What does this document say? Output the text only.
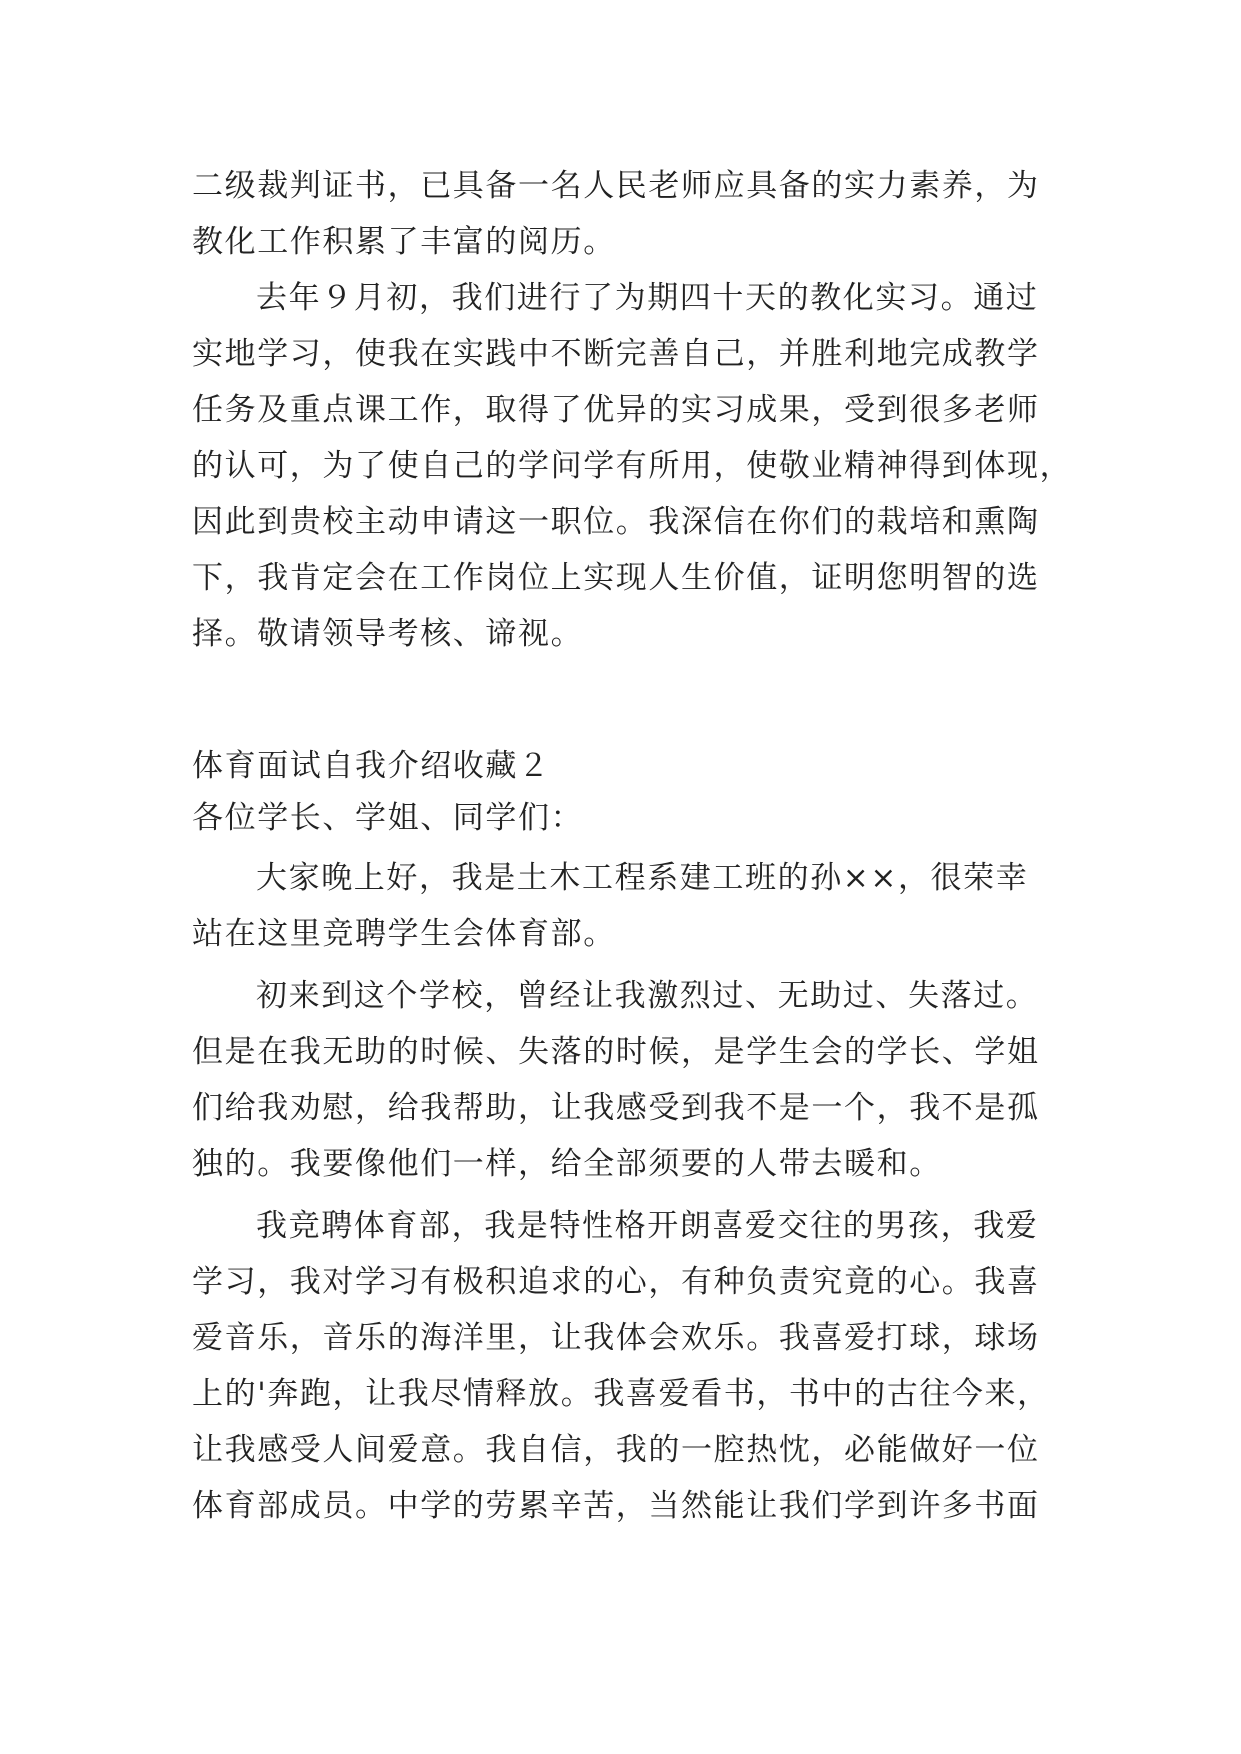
二级裁判证书，已具备一名人民老师应具备的实力素养，为
教化工作积累了丰富的阅历。
去年９月初，我们进行了为期四十天的教化实习。通过
实地学习，使我在实践中不断完善自己，并胜利地完成教学
任务及重点课工作，取得了优异的实习成果，受到很多老师
的认可，为了使自己的学问学有所用，使敬业精神得到体现，
因此到贵校主动申请这一职位。我深信在你们的栽培和熏陶
下，我肯定会在工作岗位上实现人生价值，证明您明智的选
择。敬请领导考核、谛视。
体育面试自我介绍收藏２
各位学长、学姐、同学们：
大家晚上好，我是土木工程系建工班的孙××，很荣幸
站在这里竞聘学生会体育部。
初来到这个学校，曾经让我激烈过、无助过、失落过。
但是在我无助的时候、失落的时候，是学生会的学长、学姐
们给我劝慰，给我帮助，让我感受到我不是一个，我不是孤
独的。我要像他们一样，给全部须要的人带去暖和。
我竞聘体育部，我是特性格开朗喜爱交往的男孩，我爱
学习，我对学习有极积追求的心，有种负责究竟的心。我喜
爱音乐，音乐的海洋里，让我体会欢乐。我喜爱打球，球场
上的'奔跑，让我尽情释放。我喜爱看书，书中的古往今来，
让我感受人间爱意。我自信，我的一腔热忱，必能做好一位
体育部成员。中学的劳累辛苦，当然能让我们学到许多书面
